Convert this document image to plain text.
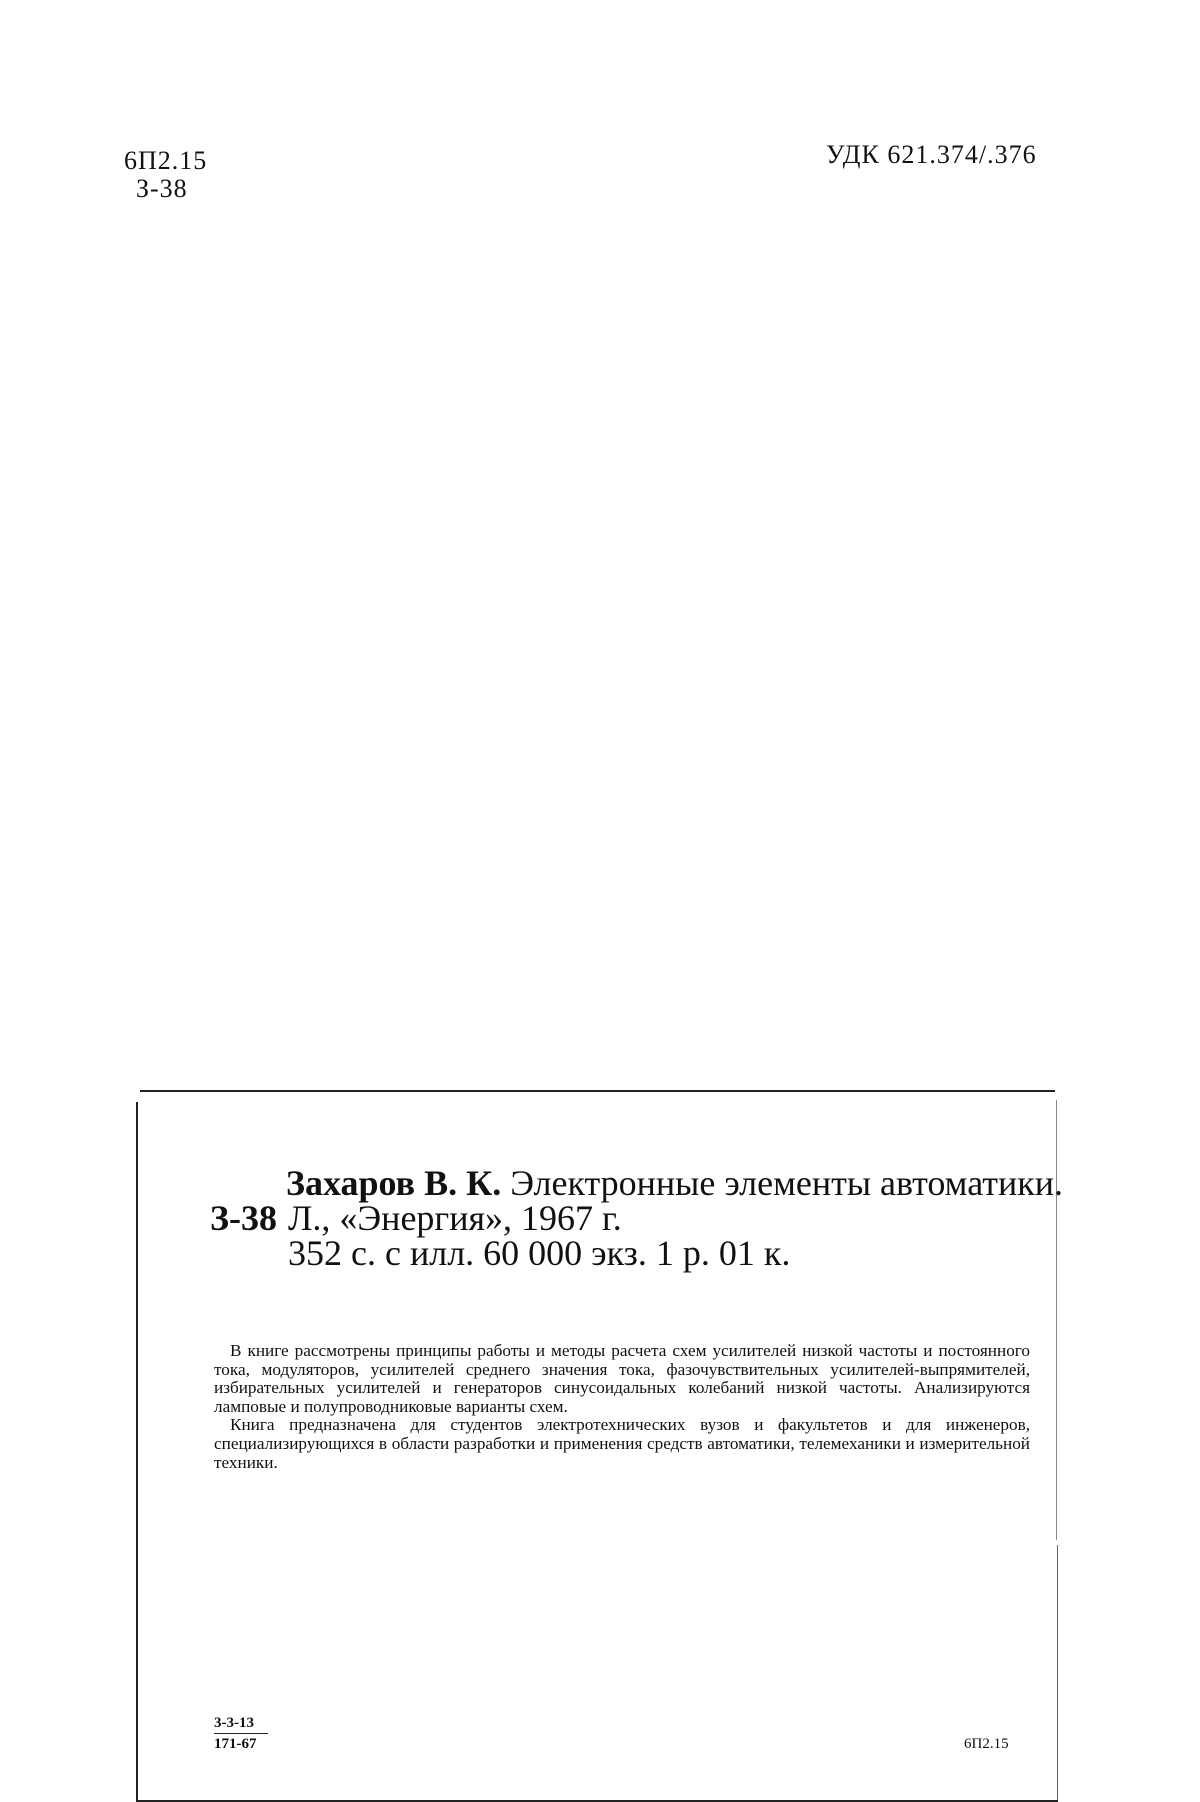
6П2.15
З-38
УДК 621.374/.376
Захаров В. К. Электронные элементы автоматики.
З-38 Л., «Энергия», 1967 г.
352 с. с илл. 60 000 экз. 1 р. 01 к.

В книге рассмотрены принципы работы и методы расчета схем усилителей низкой частоты и постоянного тока, модуляторов, усилителей среднего значения тока, фазочувствительных усилителей-выпрямителей, избирательных усилителей и генераторов синусоидальных колебаний низкой частоты. Анализируются ламповые и полупроводниковые варианты схем.

Книга предназначена для студентов электротехнических вузов и факультетов и для инженеров, специализирующихся в области разработки и применения средств автоматики, телемеханики и измерительной техники.

3-3-13
171-67	6П2.15
